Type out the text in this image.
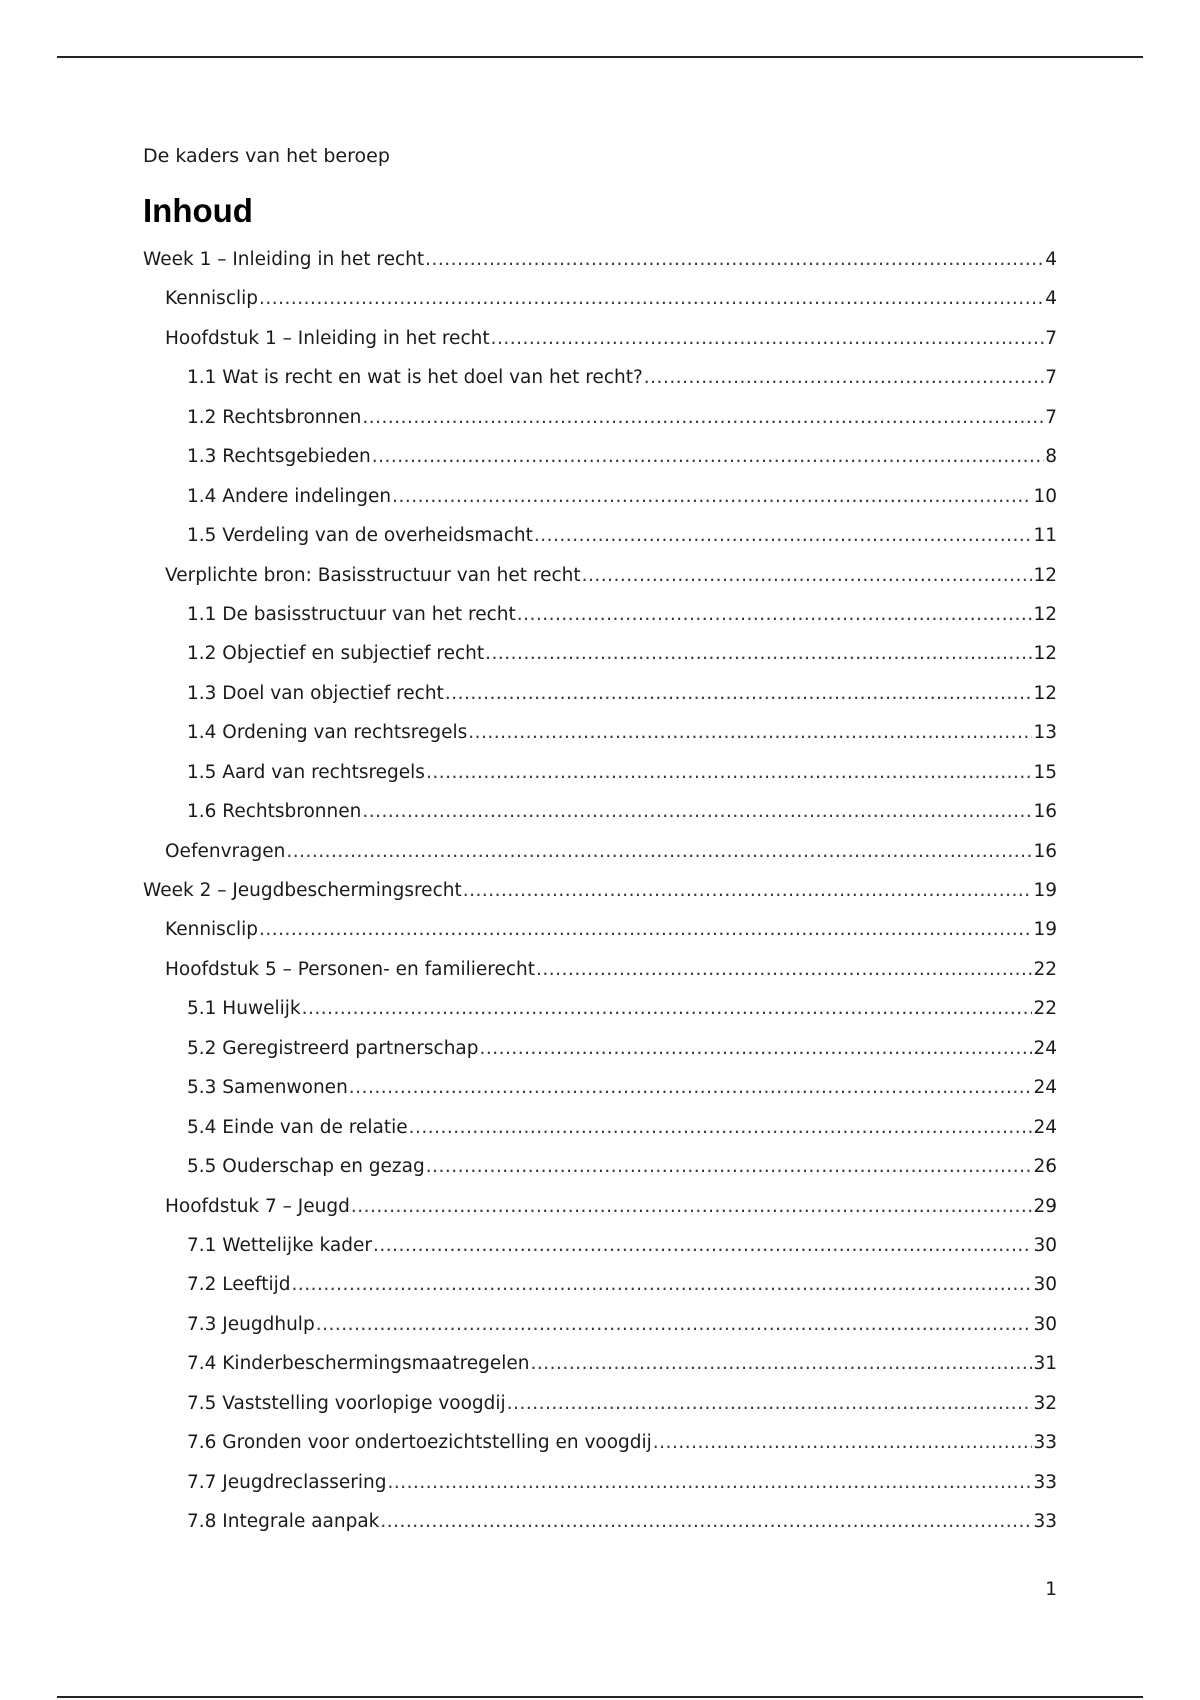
De kaders van het beroep
Inhoud
Week 1 – Inleiding in het recht .....	4
Kennisclip .....	4
Hoofdstuk 1 – Inleiding in het recht .....	7
1.1 Wat is recht en wat is het doel van het recht? .....	7
1.2 Rechtsbronnen .....	7
1.3 Rechtsgebieden .....	8
1.4 Andere indelingen .....	10
1.5 Verdeling van de overheidsmacht .....	11
Verplichte bron: Basisstructuur van het recht .....	12
1.1 De basisstructuur van het recht .....	12
1.2 Objectief en subjectief recht .....	12
1.3 Doel van objectief recht .....	12
1.4 Ordening van rechtsregels .....	13
1.5 Aard van rechtsregels .....	15
1.6 Rechtsbronnen .....	16
Oefenvragen .....	16
Week 2 – Jeugdbeschermingsrecht .....	19
Kennisclip .....	19
Hoofdstuk 5 – Personen- en familierecht .....	22
5.1 Huwelijk .....	22
5.2 Geregistreerd partnerschap .....	24
5.3 Samenwonen .....	24
5.4 Einde van de relatie .....	24
5.5 Ouderschap en gezag .....	26
Hoofdstuk 7 – Jeugd .....	29
7.1 Wettelijke kader .....	30
7.2 Leeftijd .....	30
7.3 Jeugdhulp .....	30
7.4 Kinderbeschermingsmaatregelen .....	31
7.5 Vaststelling voorlopige voogdij .....	32
7.6 Gronden voor ondertoezichtstelling en voogdij .....	33
7.7 Jeugdreclassering .....	33
7.8 Integrale aanpak .....	33
1
